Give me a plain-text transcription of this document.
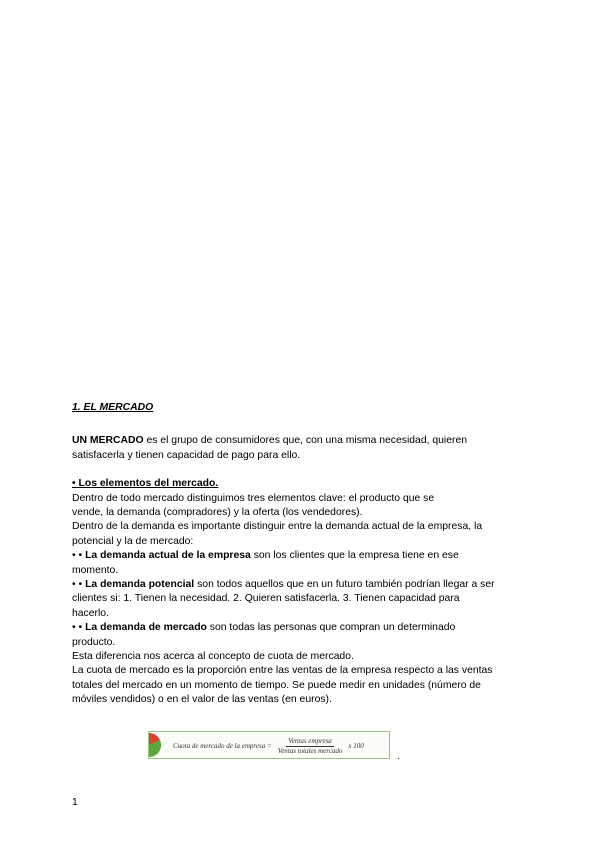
1. EL MERCADO
UN MERCADO es el grupo de consumidores que, con una misma necesidad, quieren
satisfacerla y tienen capacidad de pago para ello.
• Los elementos del mercado.
Dentro de todo mercado distinguimos tres elementos clave: el producto que se
vende, la demanda (compradores) y la oferta (los vendedores).
Dentro de la demanda es importante distinguir entre la demanda actual de la empresa, la
potencial y la de mercado:
• • La demanda actual de la empresa son los clientes que la empresa tiene en ese
momento.
• • La demanda potencial son todos aquellos que en un futuro también podrían llegar a ser
clientes si: 1. Tienen la necesidad. 2. Quieren satisfacerla. 3. Tienen capacidad para
hacerlo.
• • La demanda de mercado son todas las personas que compran un determinado
producto.
Esta diferencia nos acerca al concepto de cuota de mercado.
La cuota de mercado es la proporción entre las ventas de la empresa respecto a las ventas
totales del mercado en un momento de tiempo. Se puede medir en unidades (número de
móviles vendidos) o en el valor de las ventas (en euros).
Cuota de mercado de la empresa = $\frac{\text{Ventas empresa}}{\text{Ventas totales mercado}}$ x 100
.
1
